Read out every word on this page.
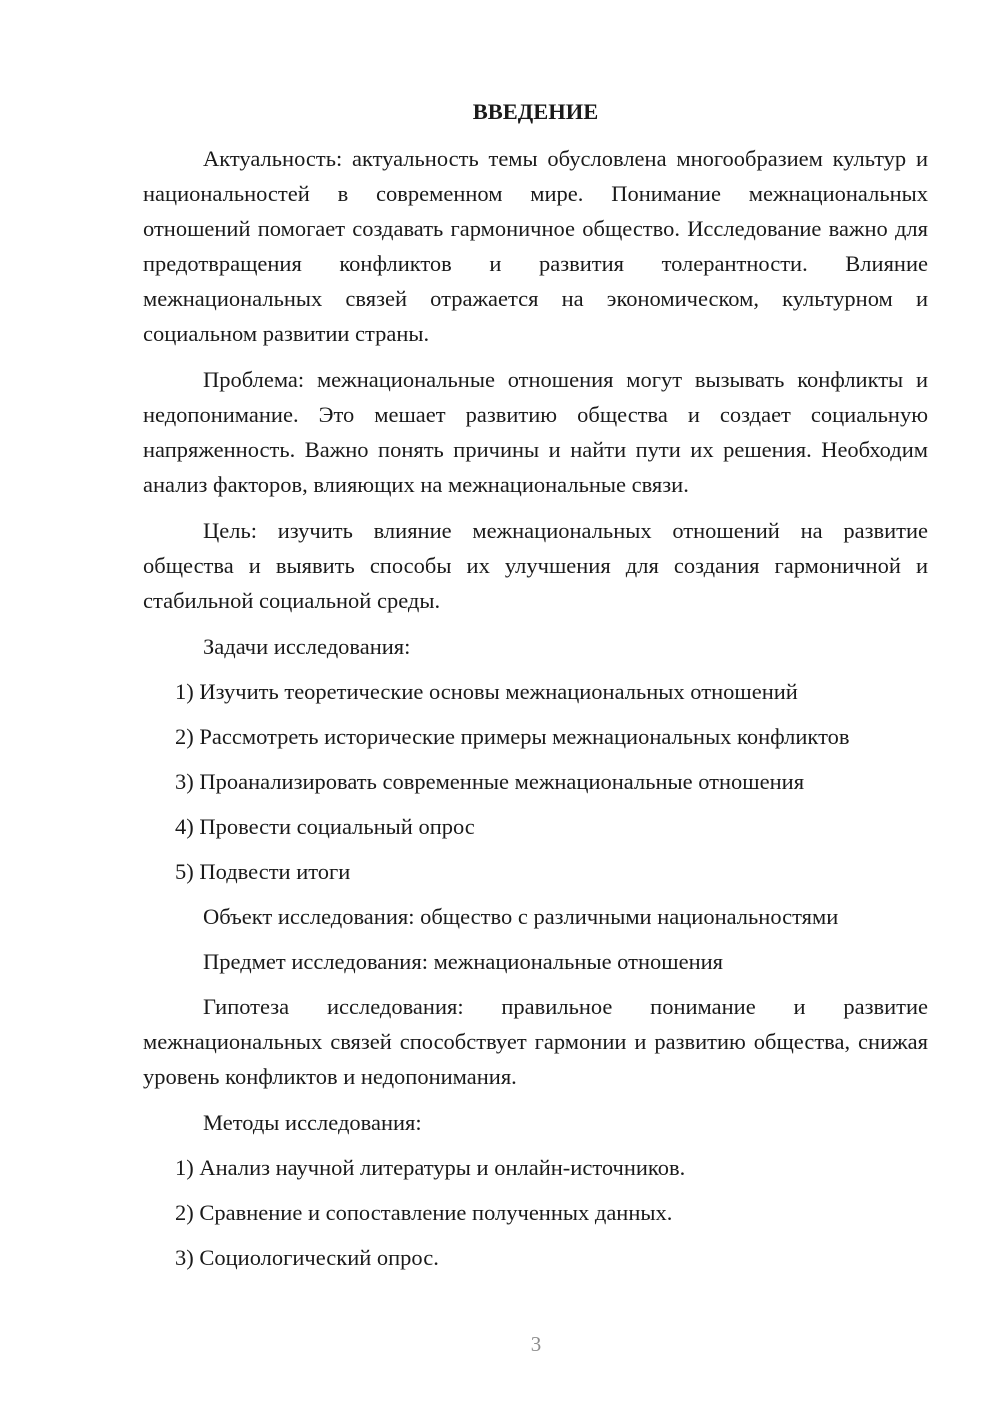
ВВЕДЕНИЕ

Актуальность: актуальность темы обусловлена многообразием культур и национальностей в современном мире. Понимание межнациональных отношений помогает создавать гармоничное общество. Исследование важно для предотвращения конфликтов и развития толерантности. Влияние межнациональных связей отражается на экономическом, культурном и социальном развитии страны.

Проблема: межнациональные отношения могут вызывать конфликты и недопонимание. Это мешает развитию общества и создает социальную напряженность. Важно понять причины и найти пути их решения. Необходим анализ факторов, влияющих на межнациональные связи.

Цель: изучить влияние межнациональных отношений на развитие общества и выявить способы их улучшения для создания гармоничной и стабильной социальной среды.

Задачи исследования:
1) Изучить теоретические основы межнациональных отношений
2) Рассмотреть исторические примеры межнациональных конфликтов
3) Проанализировать современные межнациональные отношения
4) Провести социальный опрос
5) Подвести итоги
Объект исследования: общество с различными национальностями
Предмет исследования: межнациональные отношения

Гипотеза исследования: правильное понимание и развитие межнациональных связей способствует гармонии и развитию общества, снижая уровень конфликтов и недопонимания.

Методы исследования:
1) Анализ научной литературы и онлайн-источников.
2) Сравнение и сопоставление полученных данных.
3) Социологический опрос.
3
